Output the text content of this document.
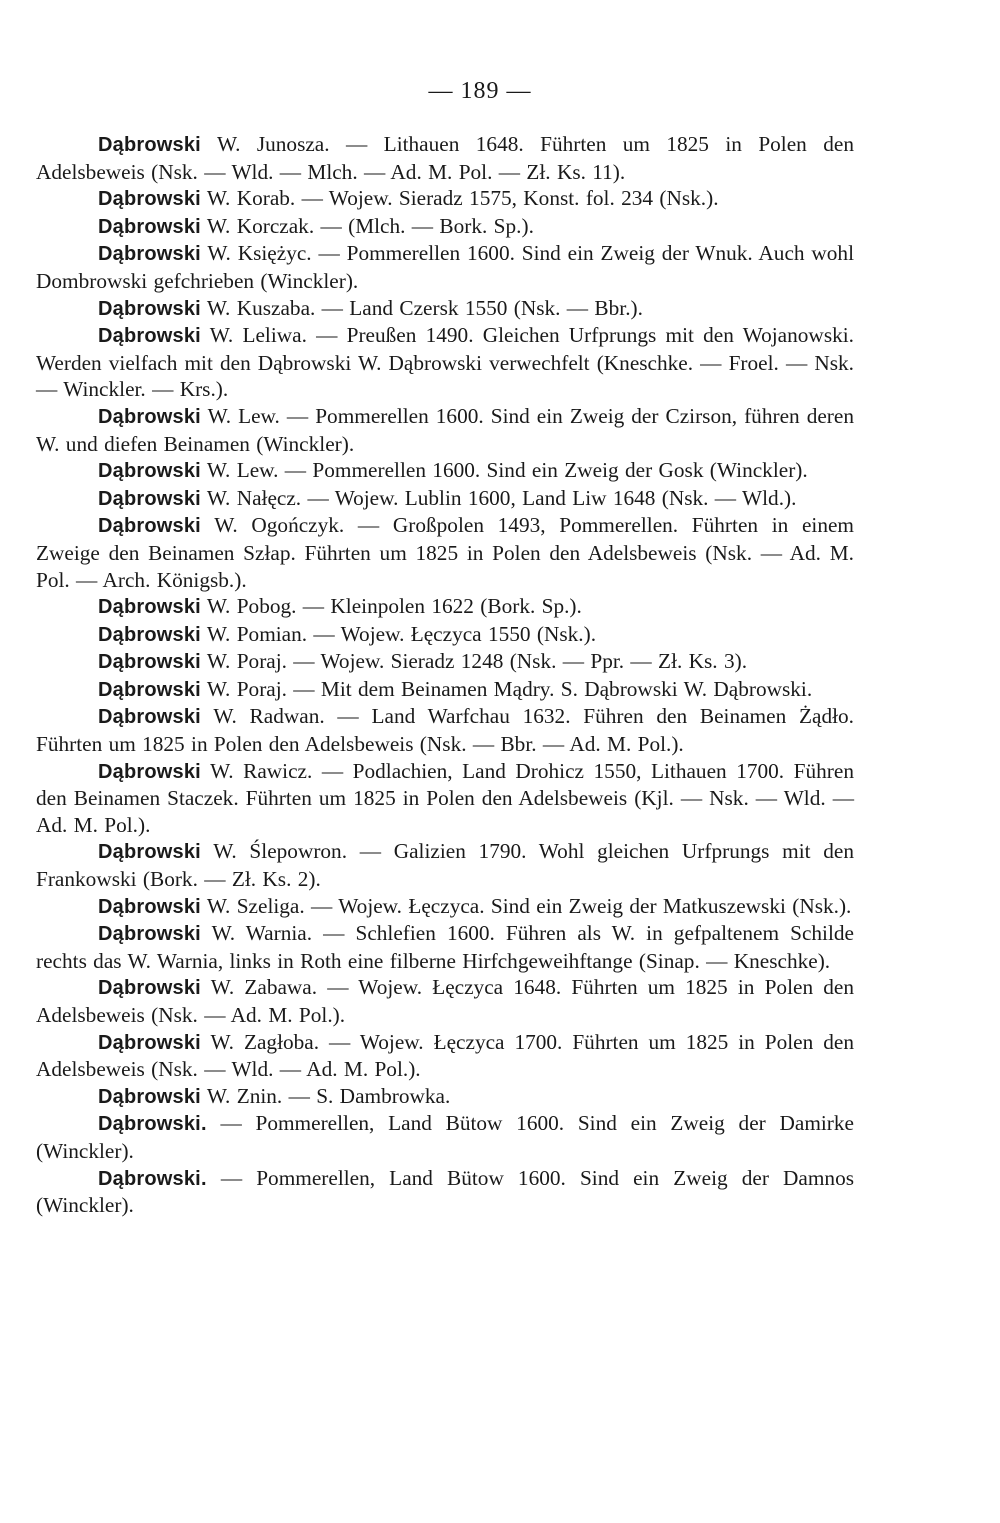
— 189 —

Dąbrowski W. Junosza. — Lithauen 1648. Führten um 1825 in Polen den Adelsbeweis (Nsk. — Wld. — Mlch. — Ad. M. Pol. — Zł. Ks. 11).

Dąbrowski W. Korab. — Wojew. Sieradz 1575, Konst. fol. 234 (Nsk.).

Dąbrowski W. Korczak. — (Mlch. — Bork. Sp.).

Dąbrowski W. Księżyc. — Pommerellen 1600. Sind ein Zweig der Wnuk. Auch wohl Dombrowski gefchrieben (Winckler).

Dąbrowski W. Kuszaba. — Land Czersk 1550 (Nsk. — Bbr.).

Dąbrowski W. Leliwa. — Preußen 1490. Gleichen Urfprungs mit den Wojanowski. Werden vielfach mit den Dąbrowski W. Dąbrowski verwechfelt (Kneschke. — Froel. — Nsk. — Winckler. — Krs.).

Dąbrowski W. Lew. — Pommerellen 1600. Sind ein Zweig der Czirson, führen deren W. und diefen Beinamen (Winckler).

Dąbrowski W. Lew. — Pommerellen 1600. Sind ein Zweig der Gosk (Winckler).

Dąbrowski W. Nałęcz. — Wojew. Lublin 1600, Land Liw 1648 (Nsk. — Wld.).

Dąbrowski W. Ogończyk. — Großpolen 1493, Pommerellen. Führten in einem Zweige den Beinamen Szłap. Führten um 1825 in Polen den Adelsbeweis (Nsk. — Ad. M. Pol. — Arch. Königsb.).

Dąbrowski W. Pobog. — Kleinpolen 1622 (Bork. Sp.).

Dąbrowski W. Pomian. — Wojew. Łęczyca 1550 (Nsk.).

Dąbrowski W. Poraj. — Wojew. Sieradz 1248 (Nsk. — Ppr. — Zł. Ks. 3).

Dąbrowski W. Poraj. — Mit dem Beinamen Mądry. S. Dąbrowski W. Dąbrowski.

Dąbrowski W. Radwan. — Land Warfchau 1632. Führen den Beinamen Żądło. Führten um 1825 in Polen den Adelsbeweis (Nsk. — Bbr. — Ad. M. Pol.).

Dąbrowski W. Rawicz. — Podlachien, Land Drohicz 1550, Lithauen 1700. Führen den Beinamen Staczek. Führten um 1825 in Polen den Adelsbeweis (Kjl. — Nsk. — Wld. — Ad. M. Pol.).

Dąbrowski W. Ślepowron. — Galizien 1790. Wohl gleichen Urfprungs mit den Frankowski (Bork. — Zł. Ks. 2).

Dąbrowski W. Szeliga. — Wojew. Łęczyca. Sind ein Zweig der Matkuszewski (Nsk.).

Dąbrowski W. Warnia. — Schlefien 1600. Führen als W. in gefpaltenem Schilde rechts das W. Warnia, links in Roth eine filberne Hirfchgeweihftange (Sinap. — Kneschke).

Dąbrowski W. Zabawa. — Wojew. Łęczyca 1648. Führten um 1825 in Polen den Adelsbeweis (Nsk. — Ad. M. Pol.).

Dąbrowski W. Zagłoba. — Wojew. Łęczyca 1700. Führten um 1825 in Polen den Adelsbeweis (Nsk. — Wld. — Ad. M. Pol.).

Dąbrowski W. Znin. — S. Dambrowka.

Dąbrowski. — Pommerellen, Land Bütow 1600. Sind ein Zweig der Damirke (Winckler).

Dąbrowski. — Pommerellen, Land Bütow 1600. Sind ein Zweig der Damnos (Winckler).
